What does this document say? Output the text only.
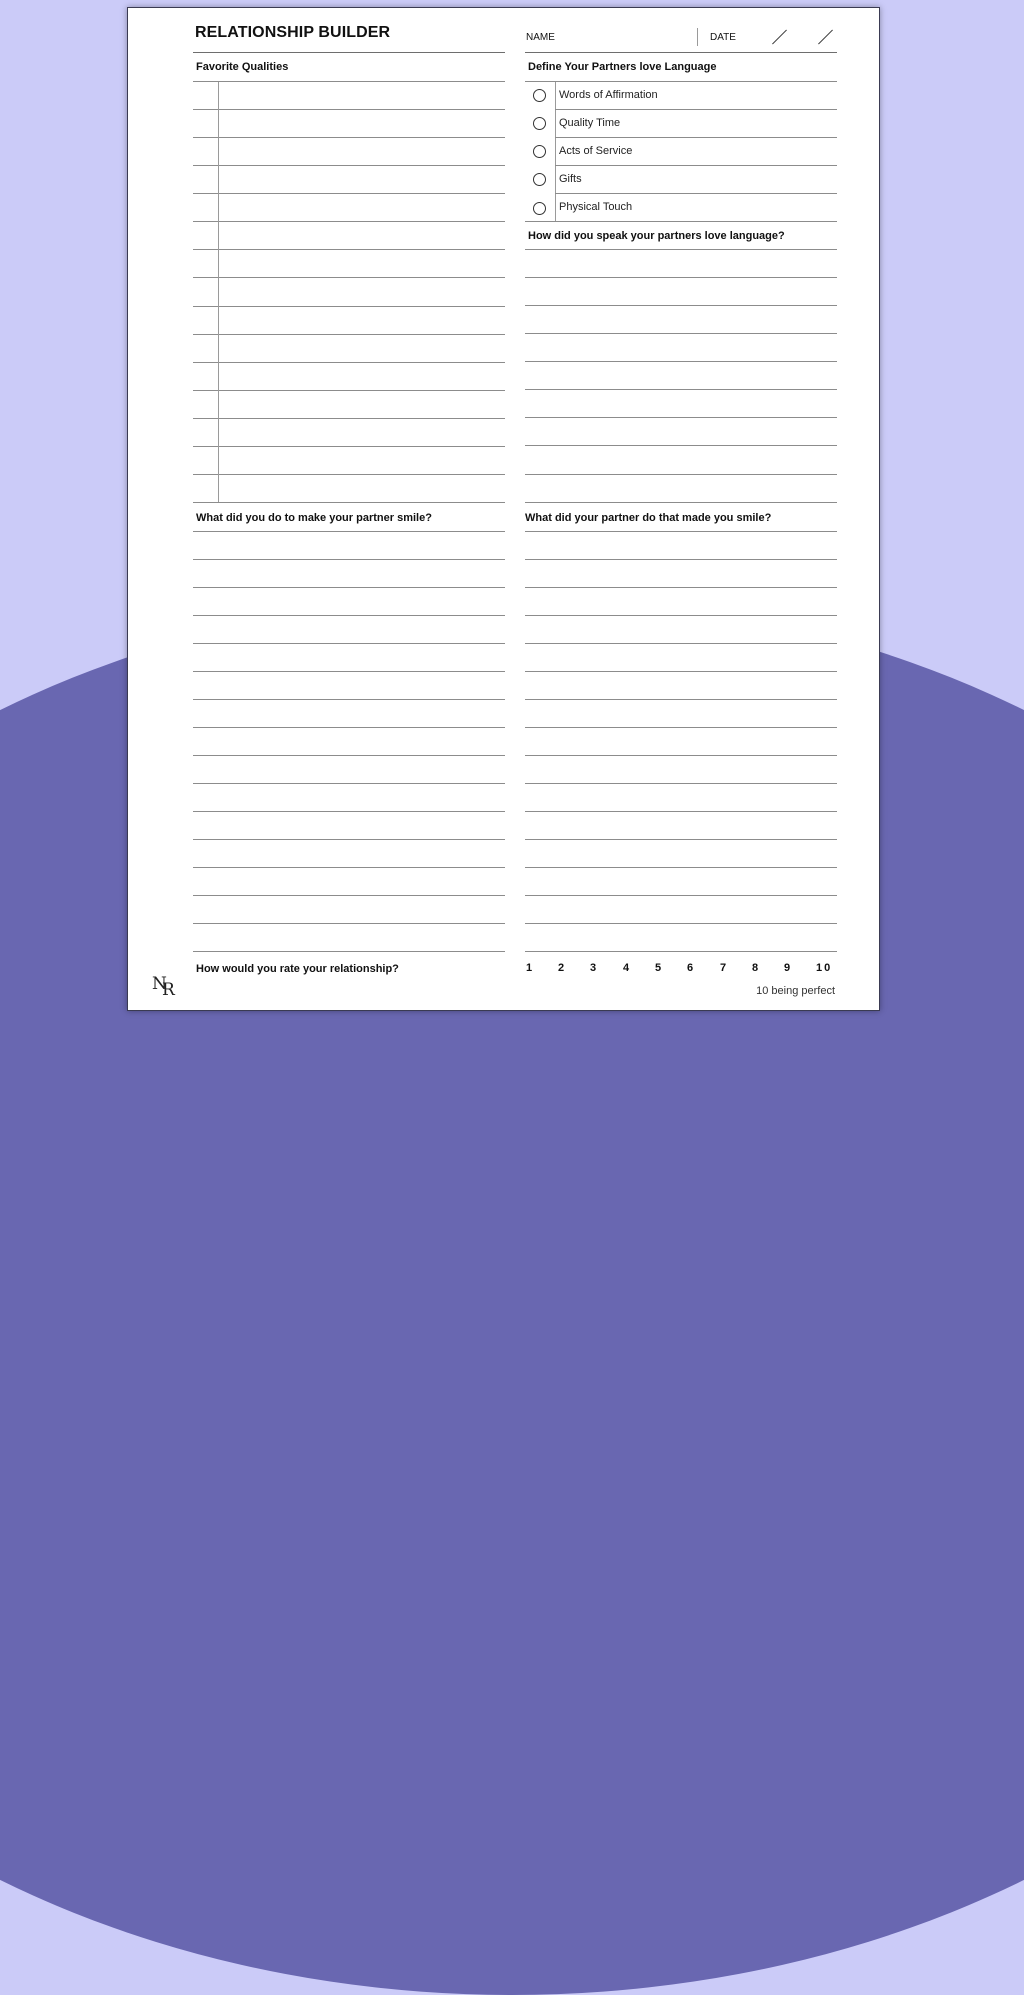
RELATIONSHIP BUILDER	NAME	DATE
Favorite Qualities	Define Your Partners love Language
Words of Affirmation
Quality Time
Acts of Service
Gifts
Physical Touch
How did you speak your partners love language?
What did you do to make your partner smile?	What did your partner do that made you smile?
How would you rate your relationship?	1 2 3 4 5 6 7 8 9 10
10 being perfect
N
R
